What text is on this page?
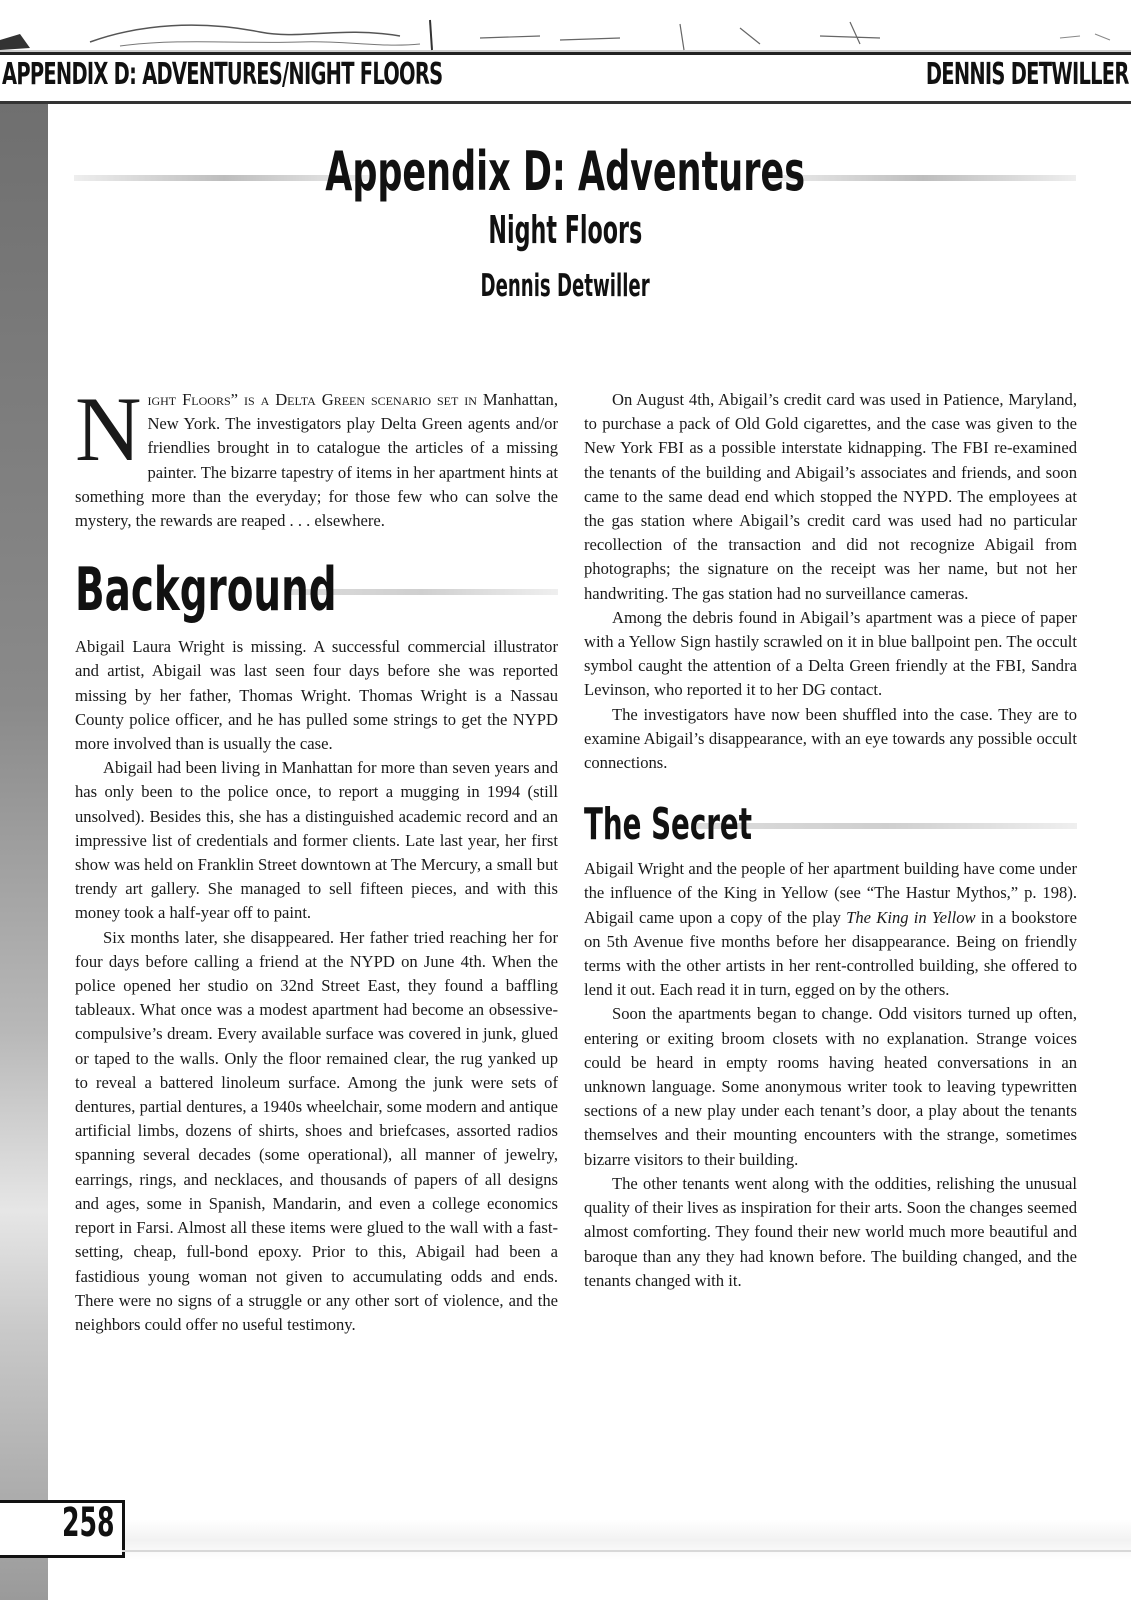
APPENDIX D: ADVENTURES/NIGHT FLOORS	DENNIS DETWILLER
Appendix D: Adventures
Night Floors
Dennis Detwiller

Night Floors” is a Delta Green scenario set in Manhattan, New York. The investigators play Delta Green agents and/or friendlies brought in to catalogue the articles of a missing painter. The bizarre tapestry of items in her apartment hints at something more than the everyday; for those few who can solve the mystery, the rewards are reaped . . . elsewhere.

Background

Abigail Laura Wright is missing. A successful commercial illustrator and artist, Abigail was last seen four days before she was reported missing by her father, Thomas Wright. Thomas Wright is a Nassau County police officer, and he has pulled some strings to get the NYPD more involved than is usually the case.

Abigail had been living in Manhattan for more than seven years and has only been to the police once, to report a mugging in 1994 (still unsolved). Besides this, she has a distinguished academic record and an impressive list of credentials and former clients. Late last year, her first show was held on Franklin Street downtown at The Mercury, a small but trendy art gallery. She managed to sell fifteen pieces, and with this money took a half-year off to paint.

Six months later, she disappeared. Her father tried reaching her for four days before calling a friend at the NYPD on June 4th. When the police opened her studio on 32nd Street East, they found a baffling tableaux. What once was a modest apartment had become an obsessive-compulsive’s dream. Every available surface was covered in junk, glued or taped to the walls. Only the floor remained clear, the rug yanked up to reveal a battered linoleum surface. Among the junk were sets of dentures, partial dentures, a 1940s wheelchair, some modern and antique artificial limbs, dozens of shirts, shoes and briefcases, assorted radios spanning several decades (some operational), all manner of jewelry, earrings, rings, and necklaces, and thousands of papers of all designs and ages, some in Spanish, Mandarin, and even a college economics report in Farsi. Almost all these items were glued to the wall with a fast-setting, cheap, full-bond epoxy. Prior to this, Abigail had been a fastidious young woman not given to accumulating odds and ends. There were no signs of a struggle or any other sort of violence, and the neighbors could offer no useful testimony.

On August 4th, Abigail’s credit card was used in Patience, Maryland, to purchase a pack of Old Gold cigarettes, and the case was given to the New York FBI as a possible interstate kidnapping. The FBI re-examined the tenants of the building and Abigail’s associates and friends, and soon came to the same dead end which stopped the NYPD. The employees at the gas station where Abigail’s credit card was used had no particular recollection of the transaction and did not recognize Abigail from photographs; the signature on the receipt was her name, but not her handwriting. The gas station had no surveillance cameras.

Among the debris found in Abigail’s apartment was a piece of paper with a Yellow Sign hastily scrawled on it in blue ballpoint pen. The occult symbol caught the attention of a Delta Green friendly at the FBI, Sandra Levinson, who reported it to her DG contact.

The investigators have now been shuffled into the case. They are to examine Abigail’s disappearance, with an eye towards any possible occult connections.

The Secret

Abigail Wright and the people of her apartment building have come under the influence of the King in Yellow (see “The Hastur Mythos,” p. 198). Abigail came upon a copy of the play The King in Yellow in a bookstore on 5th Avenue five months before her disappearance. Being on friendly terms with the other artists in her rent-controlled building, she offered to lend it out. Each read it in turn, egged on by the others.

Soon the apartments began to change. Odd visitors turned up often, entering or exiting broom closets with no explanation. Strange voices could be heard in empty rooms having heated conversations in an unknown language. Some anonymous writer took to leaving typewritten sections of a new play under each tenant’s door, a play about the tenants themselves and their mounting encounters with the strange, sometimes bizarre visitors to their building.

The other tenants went along with the oddities, relishing the unusual quality of their lives as inspiration for their arts. Soon the changes seemed almost comforting. They found their new world much more beautiful and baroque than any they had known before. The building changed, and the tenants changed with it.

258
